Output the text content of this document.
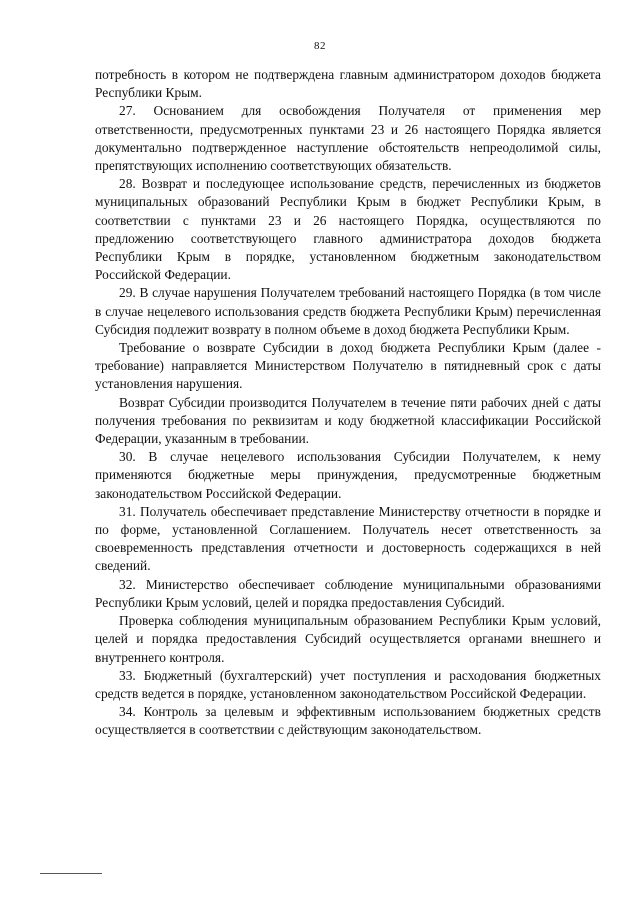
82

потребность в котором не подтверждена главным администратором доходов бюджета Республики Крым.

27. Основанием для освобождения Получателя от применения мер ответственности, предусмотренных пунктами 23 и 26 настоящего Порядка является документально подтвержденное наступление обстоятельств непреодолимой силы, препятствующих исполнению соответствующих обязательств.

28. Возврат и последующее использование средств, перечисленных из бюджетов муниципальных образований Республики Крым в бюджет Республики Крым, в соответствии с пунктами 23 и 26 настоящего Порядка, осуществляются по предложению соответствующего главного администратора доходов бюджета Республики Крым в порядке, установленном бюджетным законодательством Российской Федерации.

29. В случае нарушения Получателем требований настоящего Порядка (в том числе в случае нецелевого использования средств бюджета Республики Крым) перечисленная Субсидия подлежит возврату в полном объеме в доход бюджета Республики Крым.

Требование о возврате Субсидии в доход бюджета Республики Крым (далее - требование) направляется Министерством Получателю в пятидневный срок с даты установления нарушения.

Возврат Субсидии производится Получателем в течение пяти рабочих дней с даты получения требования по реквизитам и коду бюджетной классификации Российской Федерации, указанным в требовании.

30. В случае нецелевого использования Субсидии Получателем, к нему применяются бюджетные меры принуждения, предусмотренные бюджетным законодательством Российской Федерации.

31. Получатель обеспечивает представление Министерству отчетности в порядке и по форме, установленной Соглашением. Получатель несет ответственность за своевременность представления отчетности и достоверность содержащихся в ней сведений.

32. Министерство обеспечивает соблюдение муниципальными образованиями Республики Крым условий, целей и порядка предоставления Субсидий.

Проверка соблюдения муниципальным образованием Республики Крым условий, целей и порядка предоставления Субсидий осуществляется органами внешнего и внутреннего контроля.

33. Бюджетный (бухгалтерский) учет поступления и расходования бюджетных средств ведется в порядке, установленном законодательством Российской Федерации.

34. Контроль за целевым и эффективным использованием бюджетных средств осуществляется в соответствии с действующим законодательством.
